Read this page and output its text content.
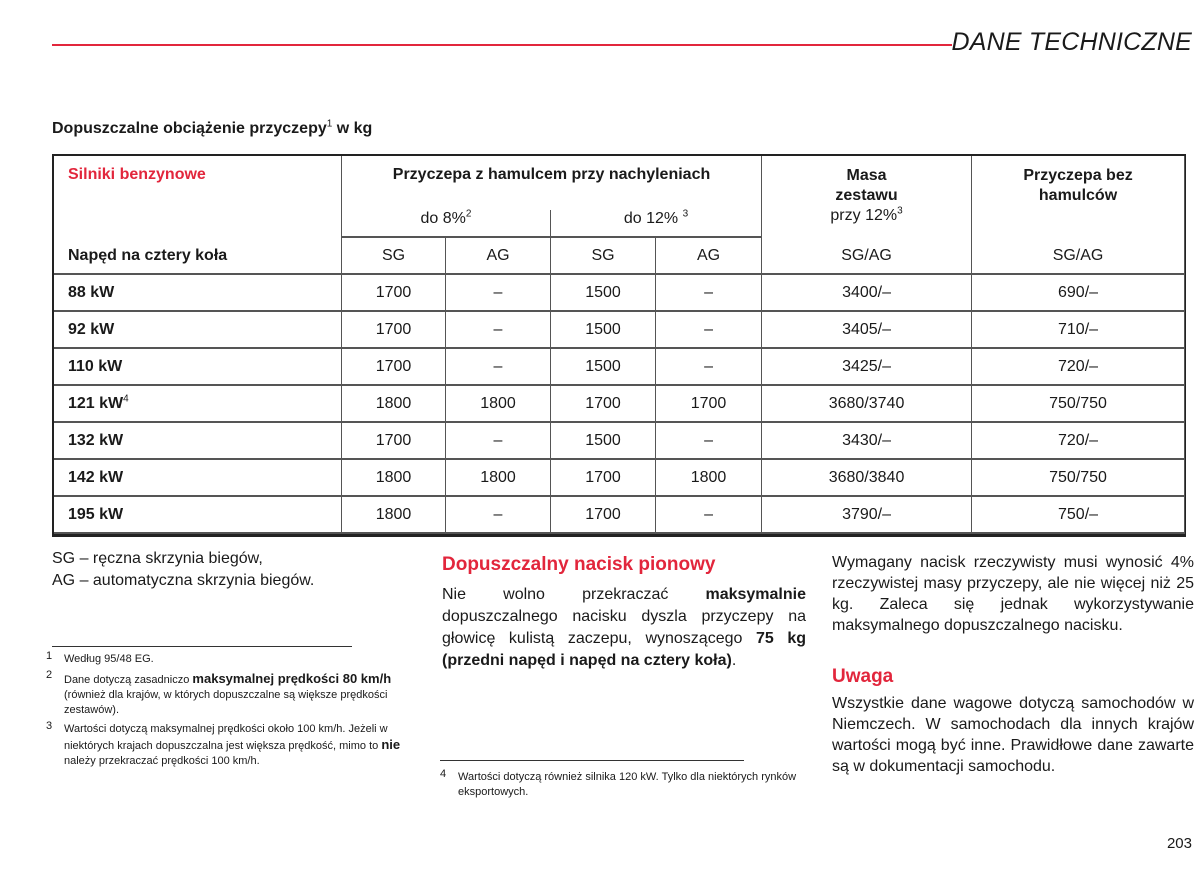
DANE TECHNICZNE
Dopuszczalne obciążenie przyczepy$^1$ w kg
Silniki benzynowe	Przyczepa z hamulcem przy nachyleniach				Masa zestawu
przy 12%$^3$	Przyczepa bez hamulców
	do 8%$^2$		do 12% $^3$
Napęd na cztery koła	SG	AG	SG	AG	SG/AG	SG/AG
88 kW	1700	–	1500	–	3400/–	690/–
92 kW	1700	–	1500	–	3405/–	710/–
110 kW	1700	–	1500	–	3425/–	720/–
121 $kW^4$	1800	1800	1700	1700	3680/3740	750/750
132 kW	1700	–	1500	–	3430/–	720/–
142 kW	1800	1800	1700	1800	3680/3840	750/750
195 kW	1800	–	1700	–	3790/–	750/–
SG – ręczna skrzynia biegów,
AG – automatyczna skrzynia biegów.
1 Według 95/48 EG.
2 Dane dotyczą zasadniczo maksymalnej prędkości 80 km/h (również dla krajów, w których dopuszczalne są większe prędkości zestawów).
3 Wartości dotyczą maksymalnej prędkości około 100 km/h. Jeżeli w niektórych krajach dopuszczalna jest większa prędkość, mimo to nie należy przekraczać prędkości 100 km/h.
Dopuszczalny nacisk pionowy
Nie wolno przekraczać maksymalnie dopuszczalnego nacisku dyszla przyczepy na głowicę kulistą zaczepu, wynoszącego 75 kg (przedni napęd i napęd na cztery koła).
4 Wartości dotyczą również silnika 120 kW. Tylko dla niektórych rynków eksportowych.
Wymagany nacisk rzeczywisty musi wynosić 4% rzeczywistej masy przyczepy, ale nie więcej niż 25 kg. Zaleca się jednak wykorzystywanie maksymalnego dopuszczalnego nacisku.
Uwaga
Wszystkie dane wagowe dotyczą samochodów w Niemczech. W samochodach dla innych krajów wartości mogą być inne. Prawidłowe dane zawarte są w dokumentacji samochodu.
203
